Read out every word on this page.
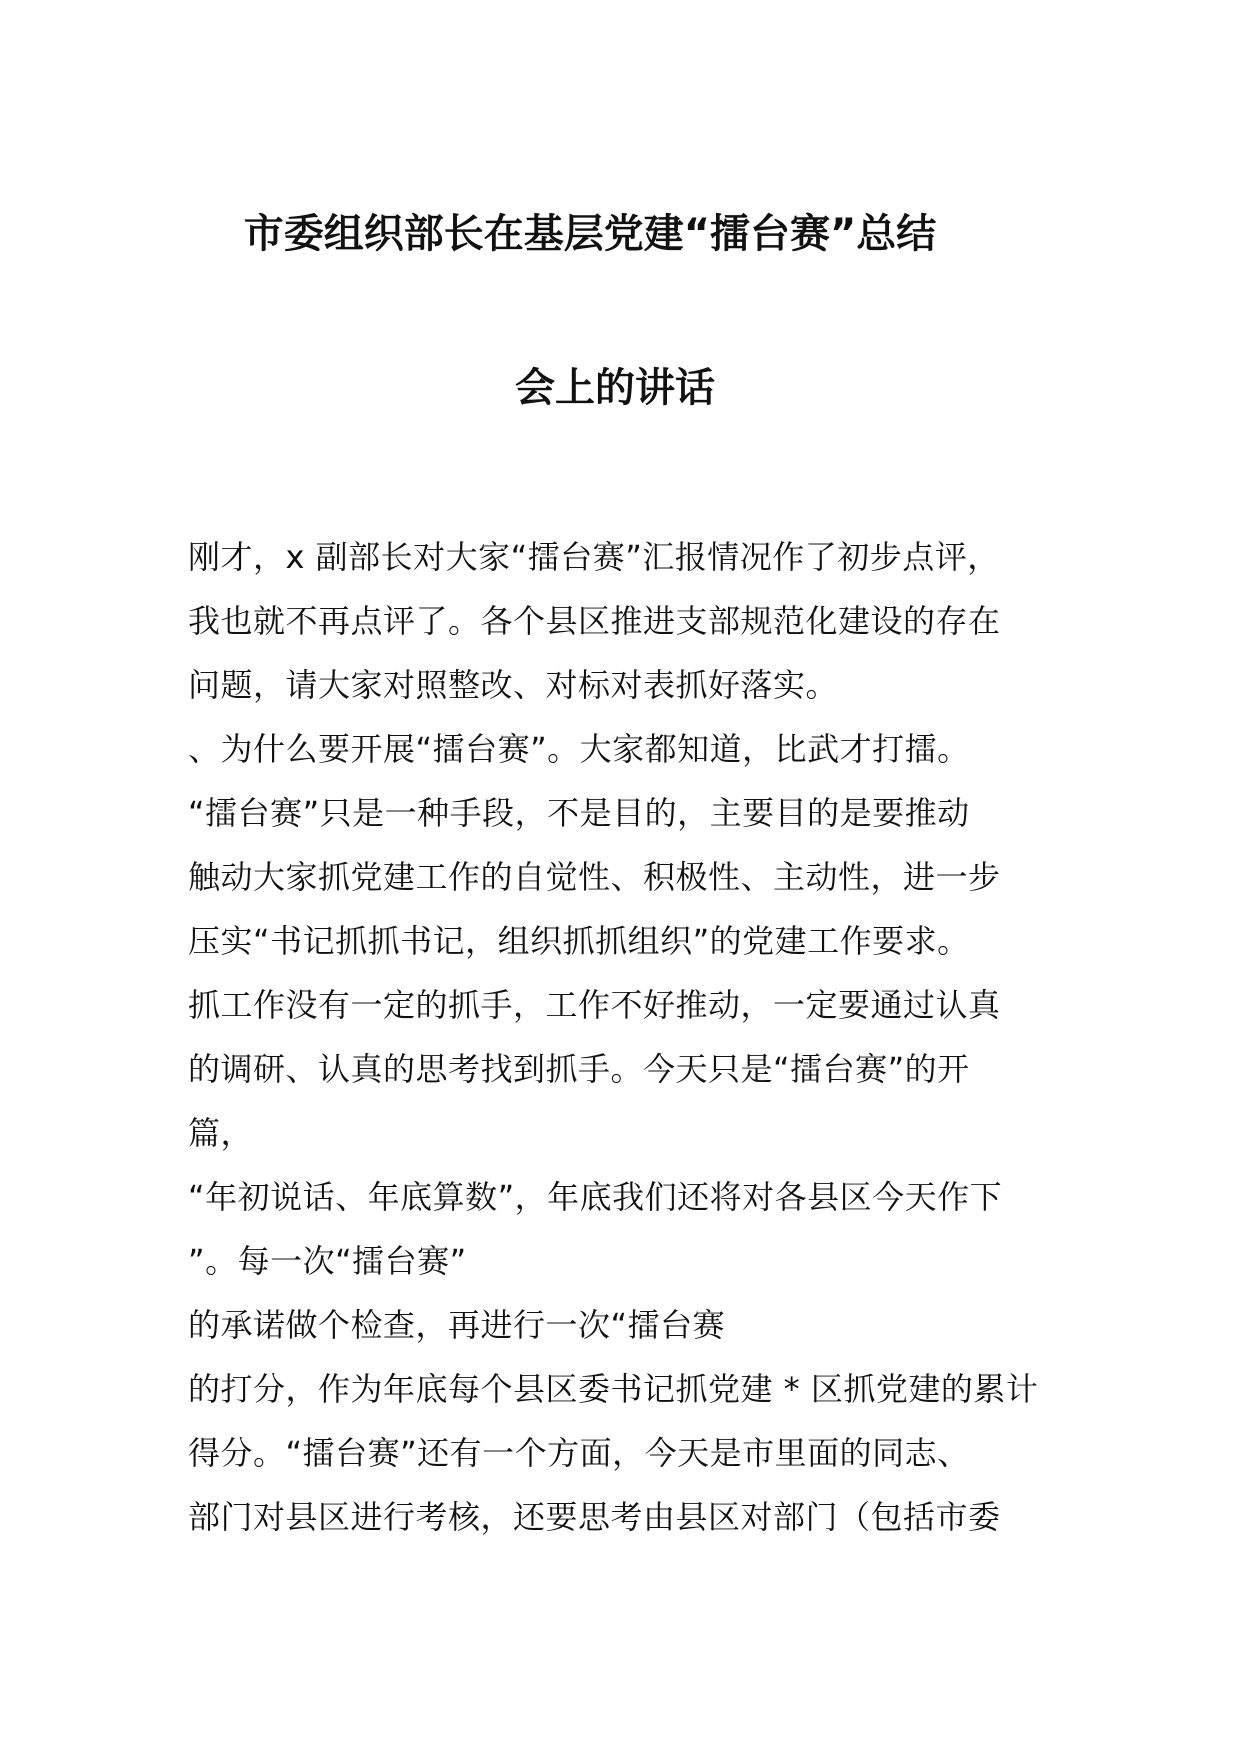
市委组织部长在基层党建“擂台赛”总结
会上的讲话
刚才，x 副部长对大家“擂台赛”汇报情况作了初步点评，
我也就不再点评了。各个县区推进支部规范化建设的存在
问题，请大家对照整改、对标对表抓好落实。
、为什么要开展“擂台赛”。大家都知道，比武才打擂。
“擂台赛”只是一种手段，不是目的，主要目的是要推动
触动大家抓党建工作的自觉性、积极性、主动性，进一步
压实“书记抓抓书记，组织抓抓组织”的党建工作要求。
抓工作没有一定的抓手，工作不好推动，一定要通过认真
的调研、认真的思考找到抓手。今天只是“擂台赛”的开
篇，
“年初说话、年底算数”，年底我们还将对各县区今天作下
”。每一次“擂台赛”
的承诺做个检查，再进行一次“擂台赛
的打分，作为年底每个县区委书记抓党建 * 区抓党建的累计
得分。“擂台赛”还有一个方面，今天是市里面的同志、
部门对县区进行考核，还要思考由县区对部门（包括市委
